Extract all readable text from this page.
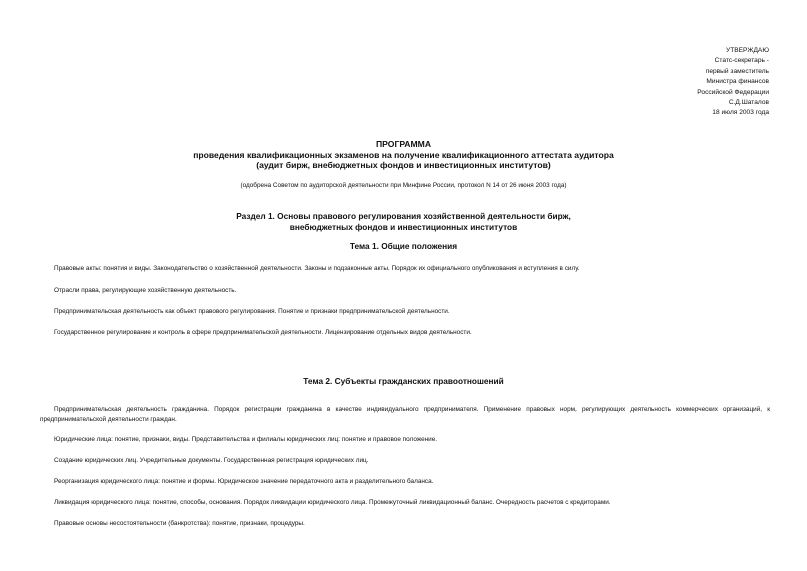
УТВЕРЖДАЮ
Статс-секретарь -
первый заместитель
Министра финансов
Российской Федерации
С.Д.Шаталов
18 июля 2003 года
ПРОГРАММА
проведения квалификационных экзаменов на получение квалификационного аттестата аудитора
(аудит бирж, внебюджетных фондов и инвестиционных институтов)
(одобрена Советом по аудиторской деятельности при Минфине России, протокол N 14 от 26 июня 2003 года)
Раздел 1. Основы правового регулирования хозяйственной деятельности бирж,
внебюджетных фондов и инвестиционных институтов
Тема 1. Общие положения

Правовые акты: понятия и виды. Законодательство о хозяйственной деятельности. Законы и подзаконные акты. Порядок их официального опубликования и вступления в силу.

Отрасли права, регулирующие хозяйственную деятельность.

Предпринимательская деятельность как объект правового регулирования. Понятие и признаки предпринимательской деятельности.

Государственное регулирование и контроль в сфере предпринимательской деятельности. Лицензирование отдельных видов деятельности.

Тема 2. Субъекты гражданских правоотношений

Предпринимательская деятельность гражданина. Порядок регистрации гражданина в качестве индивидуального предпринимателя. Применение правовых норм, регулирующих деятельность коммерческих организаций, к предпринимательской деятельности граждан.

Юридические лица: понятие, признаки, виды. Представительства и филиалы юридических лиц: понятие и правовое положение.

Создание юридических лиц. Учредительные документы. Государственная регистрация юридических лиц.

Реорганизация юридического лица: понятие и формы. Юридическое значение передаточного акта и разделительного баланса.

Ликвидация юридического лица: понятие, способы, основания. Порядок ликвидации юридического лица. Промежуточный ликвидационный баланс. Очередность расчетов с кредиторами.

Правовые основы несостоятельности (банкротства): понятие, признаки, процедуры.
